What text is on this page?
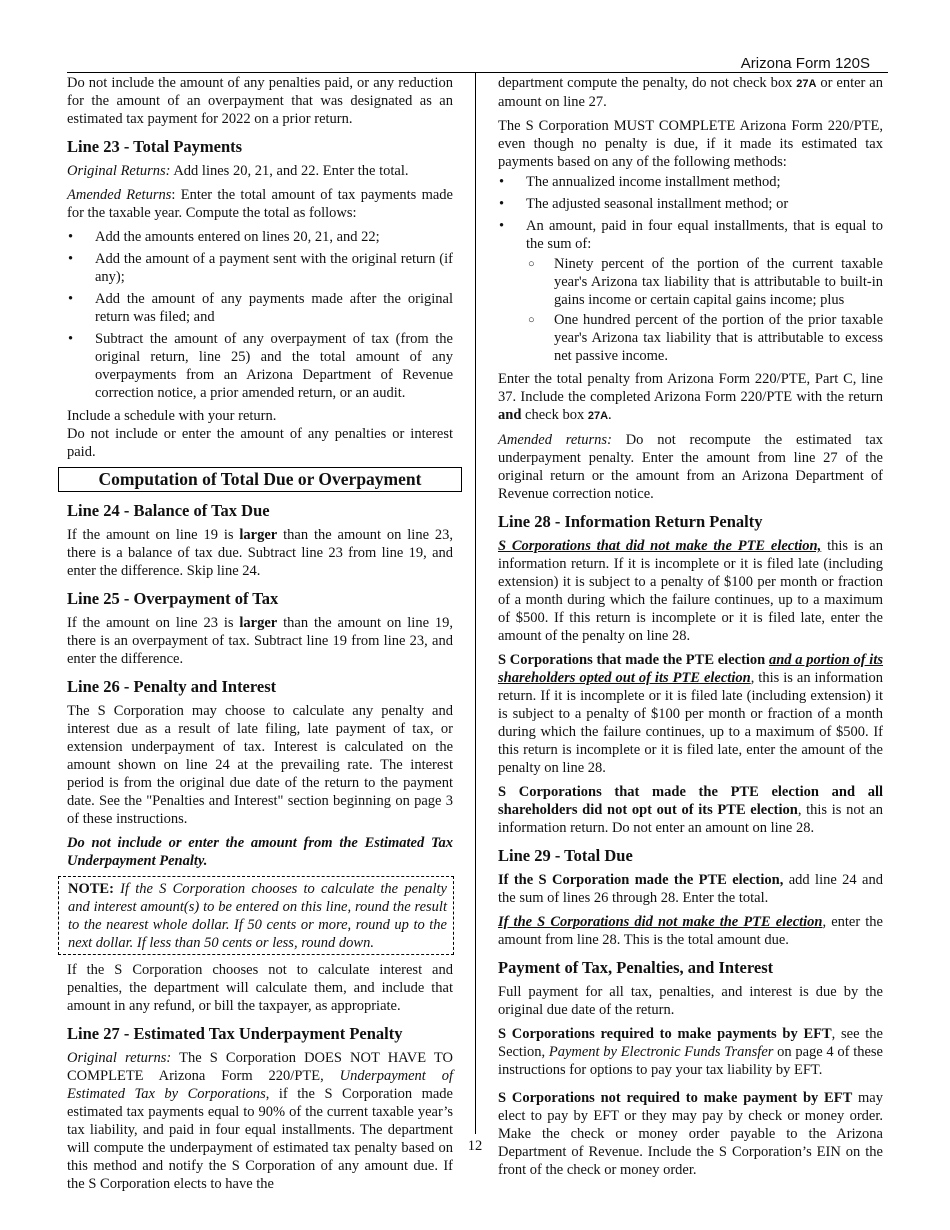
Arizona Form 120S

Do not include the amount of any penalties paid, or any reduction for the amount of an overpayment that was designated as an estimated tax payment for 2022 on a prior return.

Line 23 - Total Payments

Original Returns: Add lines 20, 21, and 22. Enter the total.

Amended Returns: Enter the total amount of tax payments made for the taxable year. Compute the total as follows:

• Add the amounts entered on lines 20, 21, and 22;
• Add the amount of a payment sent with the original return (if any);
• Add the amount of any payments made after the original return was filed; and
• Subtract the amount of any overpayment of tax (from the original return, line 25) and the total amount of any overpayments from an Arizona Department of Revenue correction notice, a prior amended return, or an audit.

Include a schedule with your return.

Do not include or enter the amount of any penalties or interest paid.

Computation of Total Due or Overpayment
Line 24 - Balance of Tax Due

If the amount on line 19 is larger than the amount on line 23, there is a balance of tax due. Subtract line 23 from line 19, and enter the difference. Skip line 24.

Line 25 - Overpayment of Tax

If the amount on line 23 is larger than the amount on line 19, there is an overpayment of tax. Subtract line 19 from line 23, and enter the difference.

Line 26 - Penalty and Interest

The S Corporation may choose to calculate any penalty and interest due as a result of late filing, late payment of tax, or extension underpayment of tax. Interest is calculated on the amount shown on line 24 at the prevailing rate. The interest period is from the original due date of the return to the payment date. See the "Penalties and Interest" section beginning on page 3 of these instructions.

Do not include or enter the amount from the Estimated Tax Underpayment Penalty.

NOTE: If the S Corporation chooses to calculate the penalty and interest amount(s) to be entered on this line, round the result to the nearest whole dollar. If 50 cents or more, round up to the next dollar. If less than 50 cents or less, round down.

If the S Corporation chooses not to calculate interest and penalties, the department will calculate them, and include that amount in any refund, or bill the taxpayer, as appropriate.

Line 27 - Estimated Tax Underpayment Penalty

Original returns: The S Corporation DOES NOT HAVE TO COMPLETE Arizona Form 220/PTE, Underpayment of Estimated Tax by Corporations, if the S Corporation made estimated tax payments equal to 90% of the current taxable year’s tax liability, and paid in four equal installments. The department will compute the underpayment of estimated tax penalty based on this method and notify the S Corporation of any amount due. If the S Corporation elects to have the

department compute the penalty, do not check box 27A or enter an amount on line 27.

The S Corporation MUST COMPLETE Arizona Form 220/PTE, even though no penalty is due, if it made its estimated tax payments based on any of the following methods:

• The annualized income installment method;
• The adjusted seasonal installment method; or
• An amount, paid in four equal installments, that is equal to the sum of:
○ Ninety percent of the portion of the current taxable year's Arizona tax liability that is attributable to built-in gains income or certain capital gains income; plus
○ One hundred percent of the portion of the prior taxable year's Arizona tax liability that is attributable to excess net passive income.

Enter the total penalty from Arizona Form 220/PTE, Part C, line 37. Include the completed Arizona Form 220/PTE with the return and check box 27A.

Amended returns: Do not recompute the estimated tax underpayment penalty. Enter the amount from line 27 of the original return or the amount from an Arizona Department of Revenue correction notice.

Line 28 - Information Return Penalty

S Corporations that did not make the PTE election, this is an information return. If it is incomplete or it is filed late (including extension) it is subject to a penalty of $100 per month or fraction of a month during which the failure continues, up to a maximum of $500. If this return is incomplete or it is filed late, enter the amount of the penalty on line 28.

S Corporations that made the PTE election and a portion of its shareholders opted out of its PTE election, this is an information return. If it is incomplete or it is filed late (including extension) it is subject to a penalty of $100 per month or fraction of a month during which the failure continues, up to a maximum of $500. If this return is incomplete or it is filed late, enter the amount of the penalty on line 28.

S Corporations that made the PTE election and all shareholders did not opt out of its PTE election, this is not an information return. Do not enter an amount on line 28.

Line 29 - Total Due

If the S Corporation made the PTE election, add line 24 and the sum of lines 26 through 28. Enter the total.

If the S Corporations did not make the PTE election, enter the amount from line 28. This is the total amount due.

Payment of Tax, Penalties, and Interest

Full payment for all tax, penalties, and interest is due by the original due date of the return.

S Corporations required to make payments by EFT, see the Section, Payment by Electronic Funds Transfer on page 4 of these instructions for options to pay your tax liability by EFT.

S Corporations not required to make payment by EFT may elect to pay by EFT or they may pay by check or money order. Make the check or money order payable to the Arizona Department of Revenue. Include the S Corporation’s EIN on the front of the check or money order.

12
